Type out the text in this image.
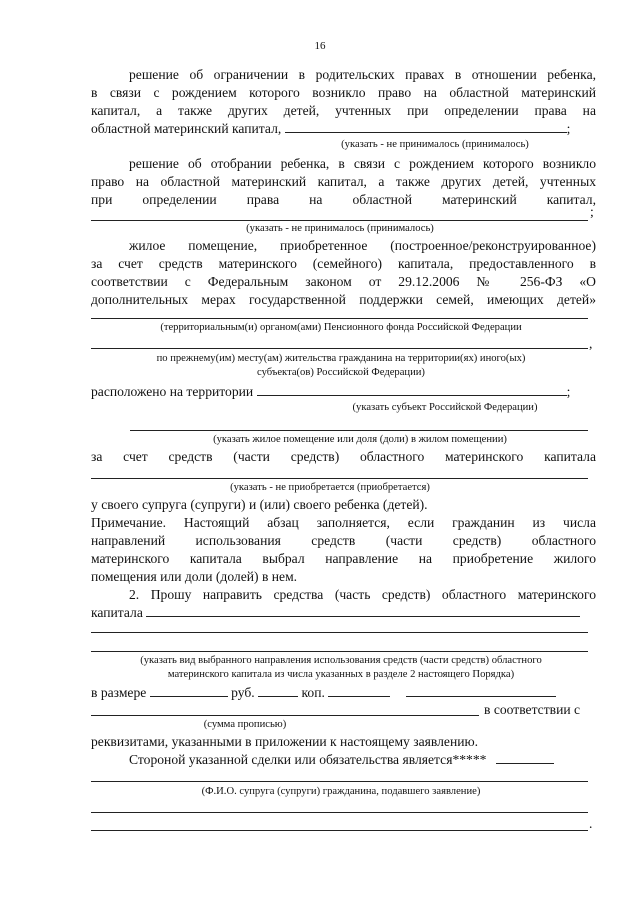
16
решение об ограничении в родительских правах в отношении ребенка,
в связи с рождением которого возникло право на областной материнский
капитал, а также других детей, учтенных при определении права на
областной материнский капитал,	;
(указать - не принималось (принималось)
решение об отобрании ребенка, в связи с рождением которого возникло
право на областной материнский капитал, а также других детей, учтенных
при определении права на областной материнский капитал,
;
(указать - не принималось (принималось)
жилое помещение, приобретенное (построенное/реконструированное)
за счет средств материнского (семейного) капитала, предоставленного в
соответствии с Федеральным законом от 29.12.2006 № 256-ФЗ «О
дополнительных мерах государственной поддержки семей, имеющих детей»
(территориальным(и) органом(ами) Пенсионного фонда Российской Федерации
,
по прежнему(им) месту(ам) жительства гражданина на территории(ях) иного(ых)
субъекта(ов) Российской Федерации)
расположено на территории	;
(указать субъект Российской Федерации)
(указать жилое помещение или доля (доли) в жилом помещении)
за счет средств (части средств) областного материнского капитала
(указать - не приобретается (приобретается)
у своего супруга (супруги) и (или) своего ребенка (детей).
Примечание. Настоящий абзац заполняется, если гражданин из числа
направлений использования средств (части средств) областного
материнского капитала выбрал направление на приобретение жилого
помещения или доли (долей) в нем.
2. Прошу направить средства (часть средств) областного материнского
капитала
(указать вид выбранного направления использования средств (части средств) областного
материнского капитала из числа указанных в разделе 2 настоящего Порядка)
в размере	руб.	коп.
в соответствии с
(сумма прописью)
реквизитами, указанными в приложении к настоящему заявлению.
Стороной указанной сделки или обязательства является*****
(Ф.И.О. супруга (супруги) гражданина, подавшего заявление)
.
